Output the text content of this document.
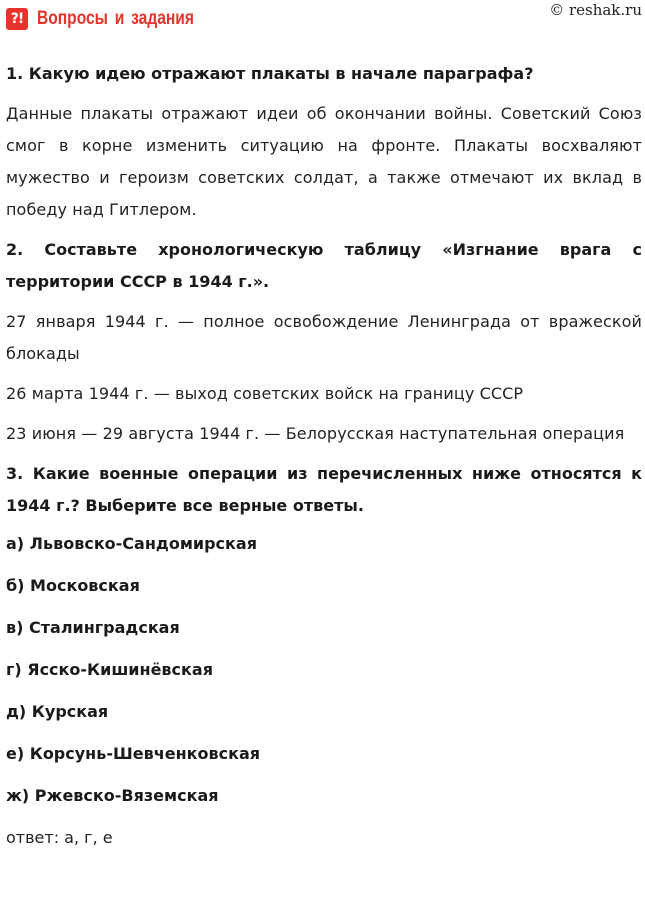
?! Вопросы и задания	© reshak.ru

1. Какую идею отражают плакаты в начале параграфа?

Данные плакаты отражают идеи об окончании войны. Советский Союз смог в корне изменить ситуацию на фронте. Плакаты восхваляют мужество и героизм советских солдат, а также отмечают их вклад в победу над Гитлером.

2. Составьте хронологическую таблицу «Изгнание врага с территории СССР в 1944 г.».

27 января 1944 г. — полное освобождение Ленинграда от вражеской блокады

26 марта 1944 г. — выход советских войск на границу СССР

23 июня — 29 августа 1944 г. — Белорусская наступательная операция

3. Какие военные операции из перечисленных ниже относятся к 1944 г.? Выберите все верные ответы.

а) Львовско-Сандомирская

б) Московская

в) Сталинградская

г) Ясско-Кишинёвская

д) Курская

е) Корсунь-Шевченковская

ж) Ржевско-Вяземская

ответ: а, г, е
